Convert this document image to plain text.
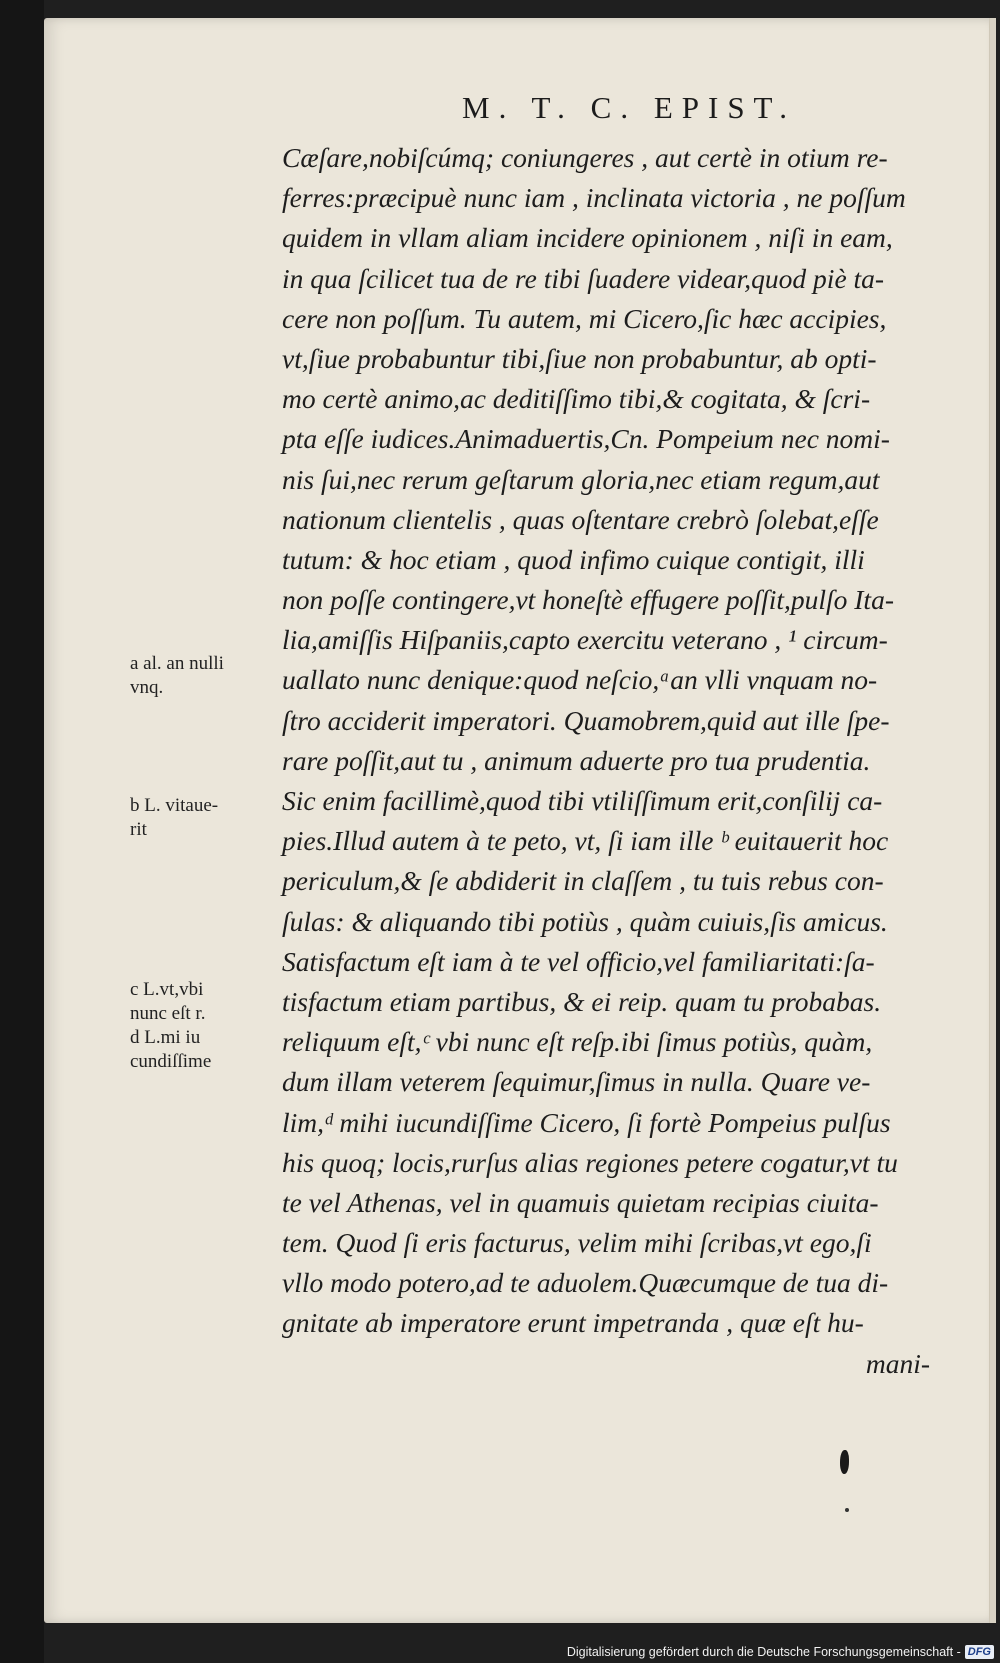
M. T. C. EPIST.
Cæſare,nobiſcúmq; coniungeres , aut certè in otium re-
ferres:præcipuè nunc iam , inclinata victoria , ne poſſum
quidem in vllam aliam incidere opinionem , niſi in eam,
in qua ſcilicet tua de re tibi ſuadere videar,quod piè ta-
cere non poſſum. Tu autem, mi Cicero,ſic hæc accipies,
vt,ſiue probabuntur tibi,ſiue non probabuntur, ab opti-
mo certè animo,ac deditiſſimo tibi,& cogitata, & ſcri-
pta eſſe iudices.Animaduertis,Cn. Pompeium nec nomi-
nis ſui,nec rerum geſtarum gloria,nec etiam regum,aut
nationum clientelis , quas oſtentare crebrò ſolebat,eſſe
tutum: & hoc etiam , quod infimo cuique contigit, illi
non poſſe contingere,vt honeſtè effugere poſſit,pulſo Ita-
lia,amiſſis Hiſpaniis,capto exercitu veterano , ¹ circum-
uallato nunc denique:quod neſcio,ᵃan vlli vnquam no-
ſtro acciderit imperatori. Quamobrem,quid aut ille ſpe-
rare poſſit,aut tu , animum aduerte pro tua prudentia.
Sic enim facillimè,quod tibi vtiliſſimum erit,conſilij ca-
pies.Illud autem à te peto, vt, ſi iam ille ᵇ euitauerit hoc
periculum,& ſe abdiderit in claſſem , tu tuis rebus con-
ſulas: & aliquando tibi potiùs , quàm cuiuis,ſis amicus.
Satisfactum eſt iam à te vel officio,vel familiaritati:ſa-
tisfactum etiam partibus, & ei reip. quam tu probabas.
reliquum eſt,ᶜ vbi nunc eſt reſp.ibi ſimus potiùs, quàm,
dum illam veterem ſequimur,ſimus in nulla. Quare ve-
lim,ᵈ mihi iucundiſſime Cicero, ſi fortè Pompeius pulſus
his quoq; locis,rurſus alias regiones petere cogatur,vt tu
te vel Athenas, vel in quamuis quietam recipias ciuita-
tem. Quod ſi eris facturus, velim mihi ſcribas,vt ego,ſi
vllo modo potero,ad te aduolem.Quæcumque de tua di-
gnitate ab imperatore erunt impetranda , quæ eſt hu-
mani-
a al. an nulli
vnq.
b L. vitaue-
rit
c L.vt,vbi
nunc eſt r.
d L.mi iu
cundiſſime
Digitalisierung gefördert durch die Deutsche Forschungsgemeinschaft - DFG
